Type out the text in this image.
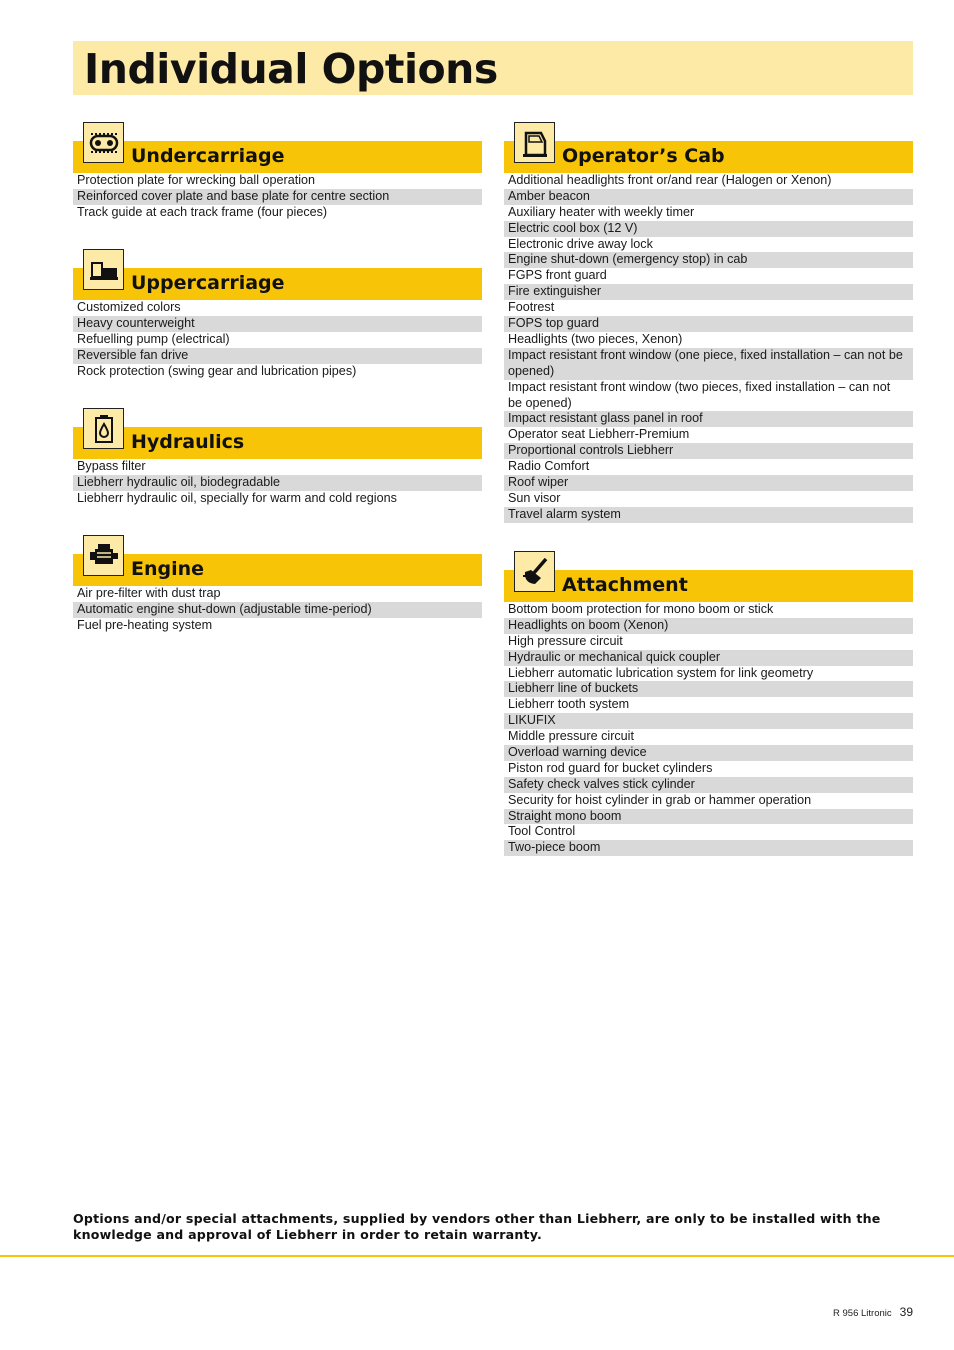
Individual Options
Undercarriage
Protection plate for wrecking ball operation
Reinforced cover plate and base plate for centre section
Track guide at each track frame (four pieces)
Uppercarriage
Customized colors
Heavy counterweight
Refuelling pump (electrical)
Reversible fan drive
Rock protection (swing gear and lubrication pipes)
Hydraulics
Bypass filter
Liebherr hydraulic oil, biodegradable
Liebherr hydraulic oil, specially for warm and cold regions
Engine
Air pre-filter with dust trap
Automatic engine shut-down (adjustable time-period)
Fuel pre-heating system
Operator’s Cab
Additional headlights front or/and rear (Halogen or Xenon)
Amber beacon
Auxiliary heater with weekly timer
Electric cool box (12 V)
Electronic drive away lock
Engine shut-down (emergency stop) in cab
FGPS front guard
Fire extinguisher
Footrest
FOPS top guard
Headlights (two pieces, Xenon)
Impact resistant front window (one piece, fixed installation – can not be opened)
Impact resistant front window (two pieces, fixed installation – can not be opened)
Impact resistant glass panel in roof
Operator seat Liebherr-Premium
Proportional controls Liebherr
Radio Comfort
Roof wiper
Sun visor
Travel alarm system
Attachment
Bottom boom protection for mono boom or stick
Headlights on boom (Xenon)
High pressure circuit
Hydraulic or mechanical quick coupler
Liebherr automatic lubrication system for link geometry
Liebherr line of buckets
Liebherr tooth system
LIKUFIX
Middle pressure circuit
Overload warning device
Piston rod guard for bucket cylinders
Safety check valves stick cylinder
Security for hoist cylinder in grab or hammer operation
Straight mono boom
Tool Control
Two-piece boom
Options and/or special attachments, supplied by vendors other than Liebherr, are only to be installed with the knowledge and approval of Liebherr in order to retain warranty.
R 956 Litronic 39
